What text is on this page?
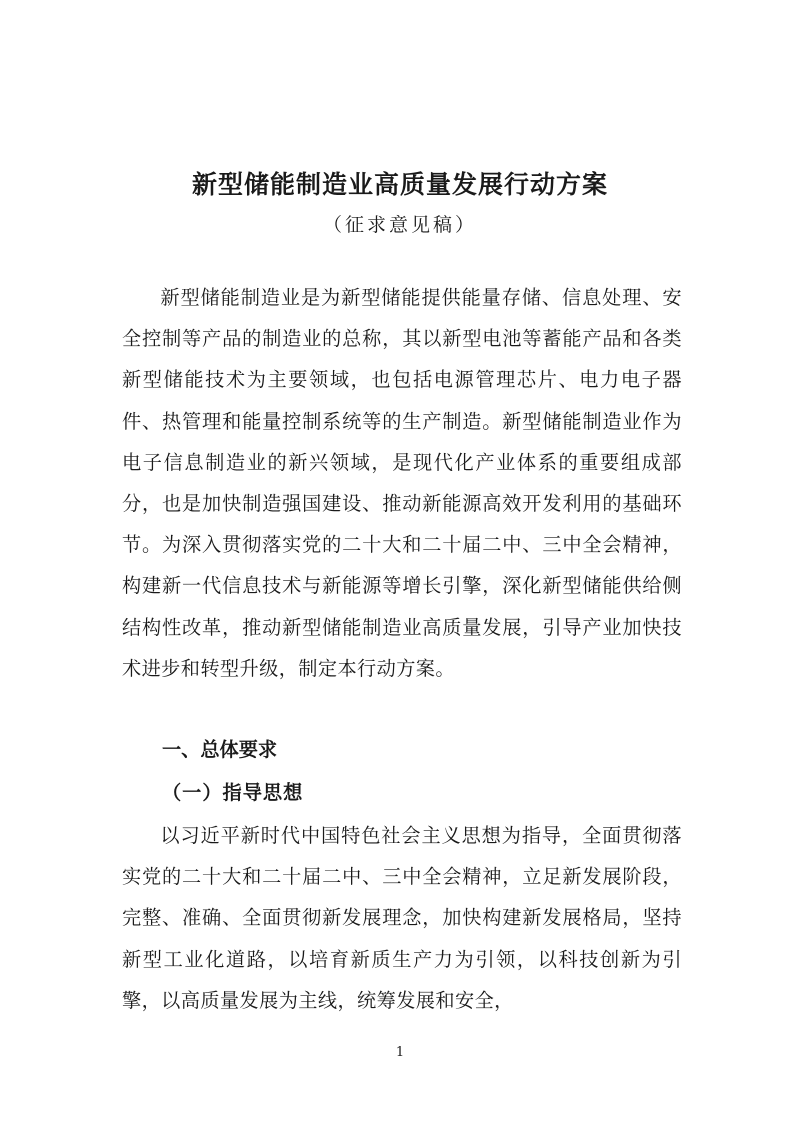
新型储能制造业高质量发展行动方案

（征求意见稿）

新型储能制造业是为新型储能提供能量存储、信息处理、安全控制等产品的制造业的总称，其以新型电池等蓄能产品和各类新型储能技术为主要领域，也包括电源管理芯片、电力电子器件、热管理和能量控制系统等的生产制造。新型储能制造业作为电子信息制造业的新兴领域，是现代化产业体系的重要组成部分，也是加快制造强国建设、推动新能源高效开发利用的基础环节。为深入贯彻落实党的二十大和二十届二中、三中全会精神，构建新一代信息技术与新能源等增长引擎，深化新型储能供给侧结构性改革，推动新型储能制造业高质量发展，引导产业加快技术进步和转型升级，制定本行动方案。

一、总体要求
（一）指导思想

以习近平新时代中国特色社会主义思想为指导，全面贯彻落实党的二十大和二十届二中、三中全会精神，立足新发展阶段，完整、准确、全面贯彻新发展理念，加快构建新发展格局，坚持新型工业化道路，以培育新质生产力为引领，以科技创新为引擎，以高质量发展为主线，统筹发展和安全，

1
